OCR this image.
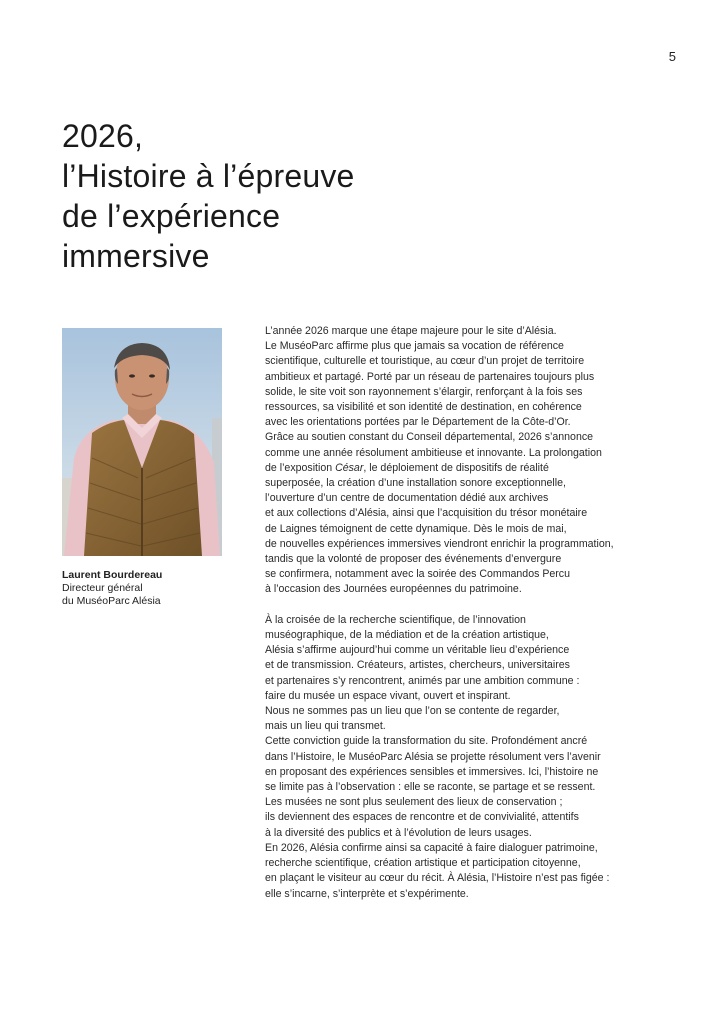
5
2026,
l’Histoire à l’épreuve
de l’expérience
immersive
Laurent Bourdereau
Directeur général
du MuséoParc Alésia
L’année 2026 marque une étape majeure pour le site d’Alésia.
Le MuséoParc affirme plus que jamais sa vocation de référence
scientifique, culturelle et touristique, au cœur d’un projet de territoire
ambitieux et partagé. Porté par un réseau de partenaires toujours plus
solide, le site voit son rayonnement s’élargir, renforçant à la fois ses
ressources, sa visibilité et son identité de destination, en cohérence
avec les orientations portées par le Département de la Côte-d’Or.
Grâce au soutien constant du Conseil départemental, 2026 s’annonce
comme une année résolument ambitieuse et innovante. La prolongation
de l’exposition César, le déploiement de dispositifs de réalité
superposée, la création d’une installation sonore exceptionnelle,
l’ouverture d’un centre de documentation dédié aux archives
et aux collections d’Alésia, ainsi que l’acquisition du trésor monétaire
de Laignes témoignent de cette dynamique. Dès le mois de mai,
de nouvelles expériences immersives viendront enrichir la programmation,
tandis que la volonté de proposer des événements d’envergure
se confirmera, notamment avec la soirée des Commandos Percu
à l’occasion des Journées européennes du patrimoine.
À la croisée de la recherche scientifique, de l’innovation
muséographique, de la médiation et de la création artistique,
Alésia s’affirme aujourd’hui comme un véritable lieu d’expérience
et de transmission. Créateurs, artistes, chercheurs, universitaires
et partenaires s’y rencontrent, animés par une ambition commune :
faire du musée un espace vivant, ouvert et inspirant.
Nous ne sommes pas un lieu que l’on se contente de regarder,
mais un lieu qui transmet.
Cette conviction guide la transformation du site. Profondément ancré
dans l’Histoire, le MuséoParc Alésia se projette résolument vers l’avenir
en proposant des expériences sensibles et immersives. Ici, l’histoire ne
se limite pas à l’observation : elle se raconte, se partage et se ressent.
Les musées ne sont plus seulement des lieux de conservation ;
ils deviennent des espaces de rencontre et de convivialité, attentifs
à la diversité des publics et à l’évolution de leurs usages.
En 2026, Alésia confirme ainsi sa capacité à faire dialoguer patrimoine,
recherche scientifique, création artistique et participation citoyenne,
en plaçant le visiteur au cœur du récit. À Alésia, l’Histoire n’est pas figée :
elle s’incarne, s’interprète et s’expérimente.
